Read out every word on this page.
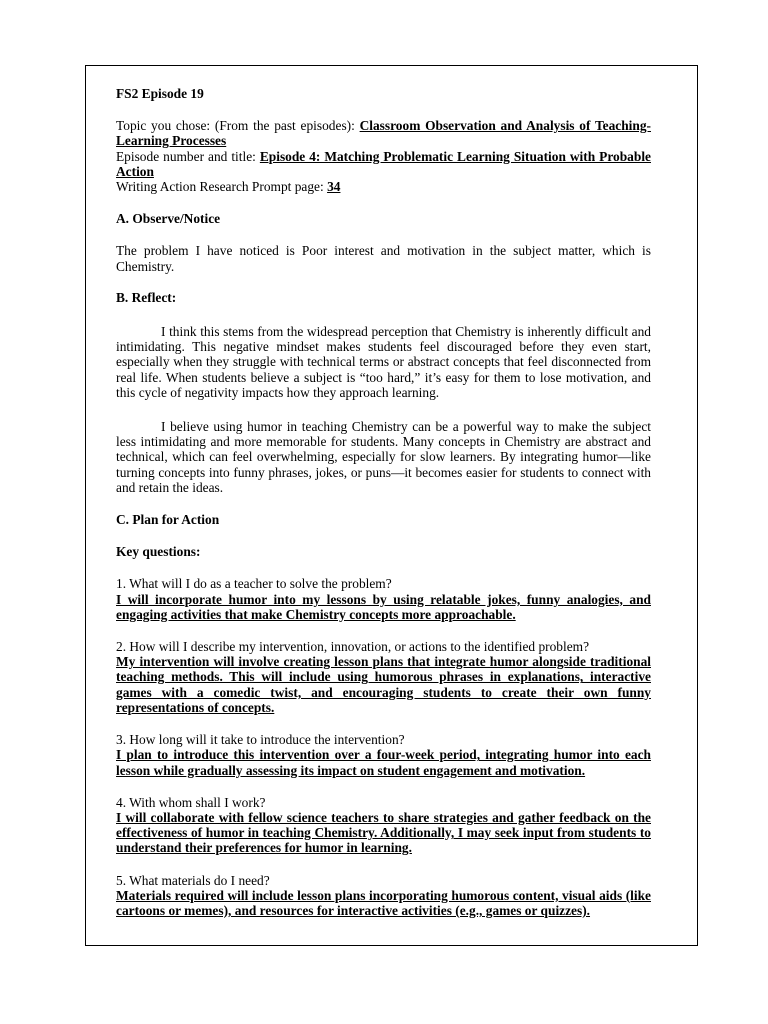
FS2 Episode 19

Topic you chose: (From the past episodes): Classroom Observation and Analysis of Teaching-Learning Processes

Episode number and title: Episode 4: Matching Problematic Learning Situation with Probable Action

Writing Action Research Prompt page: 34

A. Observe/Notice

The problem I have noticed is Poor interest and motivation in the subject matter, which is Chemistry.

B. Reflect:

I think this stems from the widespread perception that Chemistry is inherently difficult and intimidating. This negative mindset makes students feel discouraged before they even start, especially when they struggle with technical terms or abstract concepts that feel disconnected from real life. When students believe a subject is “too hard,” it’s easy for them to lose motivation, and this cycle of negativity impacts how they approach learning.

I believe using humor in teaching Chemistry can be a powerful way to make the subject less intimidating and more memorable for students. Many concepts in Chemistry are abstract and technical, which can feel overwhelming, especially for slow learners. By integrating humor—like turning concepts into funny phrases, jokes, or puns—it becomes easier for students to connect with and retain the ideas.

C. Plan for Action

Key questions:

1. What will I do as a teacher to solve the problem?

I will incorporate humor into my lessons by using relatable jokes, funny analogies, and engaging activities that make Chemistry concepts more approachable.

2. How will I describe my intervention, innovation, or actions to the identified problem?

My intervention will involve creating lesson plans that integrate humor alongside traditional teaching methods. This will include using humorous phrases in explanations, interactive games with a comedic twist, and encouraging students to create their own funny representations of concepts.

3. How long will it take to introduce the intervention?

I plan to introduce this intervention over a four-week period, integrating humor into each lesson while gradually assessing its impact on student engagement and motivation.

4. With whom shall I work?

I will collaborate with fellow science teachers to share strategies and gather feedback on the effectiveness of humor in teaching Chemistry. Additionally, I may seek input from students to understand their preferences for humor in learning.

5. What materials do I need?

Materials required will include lesson plans incorporating humorous content, visual aids (like cartoons or memes), and resources for interactive activities (e.g., games or quizzes).
